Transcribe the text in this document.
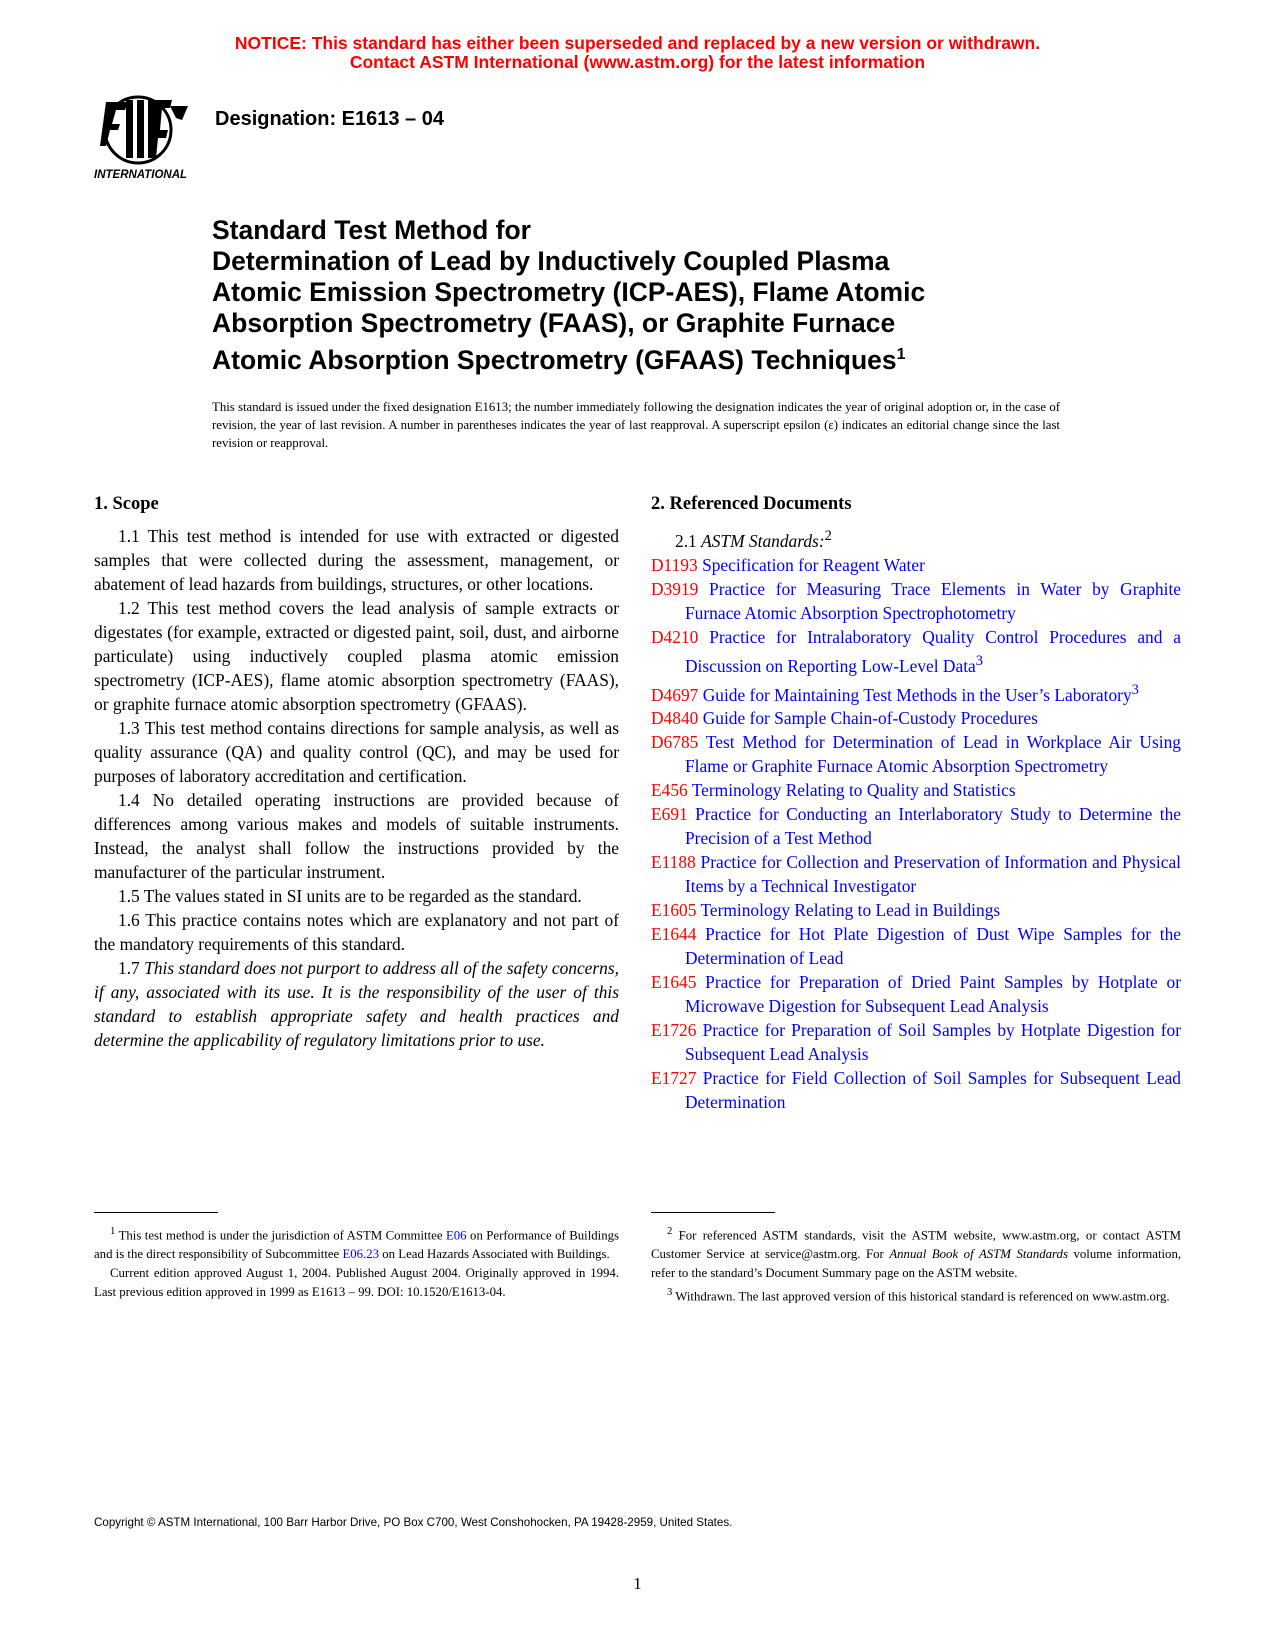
NOTICE: This standard has either been superseded and replaced by a new version or withdrawn.
Contact ASTM International (www.astm.org) for the latest information
INTERNATIONAL
Designation: E1613 – 04
Standard Test Method for
Determination of Lead by Inductively Coupled Plasma
Atomic Emission Spectrometry (ICP-AES), Flame Atomic
Absorption Spectrometry (FAAS), or Graphite Furnace
Atomic Absorption Spectrometry (GFAAS) Techniques$^1$
This standard is issued under the fixed designation E1613; the number immediately following the designation indicates the year of original adoption or, in the case of revision, the year of last revision. A number in parentheses indicates the year of last reapproval. A superscript epsilon (ε) indicates an editorial change since the last revision or reapproval.
1. Scope

1.1 This test method is intended for use with extracted or digested samples that were collected during the assessment, management, or abatement of lead hazards from buildings, structures, or other locations.

1.2 This test method covers the lead analysis of sample extracts or digestates (for example, extracted or digested paint, soil, dust, and airborne particulate) using inductively coupled plasma atomic emission spectrometry (ICP-AES), flame atomic absorption spectrometry (FAAS), or graphite furnace atomic absorption spectrometry (GFAAS).

1.3 This test method contains directions for sample analysis, as well as quality assurance (QA) and quality control (QC), and may be used for purposes of laboratory accreditation and certification.

1.4 No detailed operating instructions are provided because of differences among various makes and models of suitable instruments. Instead, the analyst shall follow the instructions provided by the manufacturer of the particular instrument.

1.5 The values stated in SI units are to be regarded as the standard.

1.6 This practice contains notes which are explanatory and not part of the mandatory requirements of this standard.

1.7 This standard does not purport to address all of the safety concerns, if any, associated with its use. It is the responsibility of the user of this standard to establish appropriate safety and health practices and determine the applicability of regulatory limitations prior to use.

2. Referenced Documents

2.1 ASTM Standards:$^2$

D1193 Specification for Reagent Water

D3919 Practice for Measuring Trace Elements in Water by Graphite Furnace Atomic Absorption Spectrophotometry

D4210 Practice for Intralaboratory Quality Control Procedures and a Discussion on Reporting Low-Level Data$^3$

D4697 Guide for Maintaining Test Methods in the User’s Laboratory$^3$

D4840 Guide for Sample Chain-of-Custody Procedures

D6785 Test Method for Determination of Lead in Workplace Air Using Flame or Graphite Furnace Atomic Absorption Spectrometry

E456 Terminology Relating to Quality and Statistics

E691 Practice for Conducting an Interlaboratory Study to Determine the Precision of a Test Method

E1188 Practice for Collection and Preservation of Information and Physical Items by a Technical Investigator

E1605 Terminology Relating to Lead in Buildings

E1644 Practice for Hot Plate Digestion of Dust Wipe Samples for the Determination of Lead

E1645 Practice for Preparation of Dried Paint Samples by Hotplate or Microwave Digestion for Subsequent Lead Analysis

E1726 Practice for Preparation of Soil Samples by Hotplate Digestion for Subsequent Lead Analysis

E1727 Practice for Field Collection of Soil Samples for Subsequent Lead Determination

$^1$ This test method is under the jurisdiction of ASTM Committee E06 on Performance of Buildings and is the direct responsibility of Subcommittee E06.23 on Lead Hazards Associated with Buildings.

Current edition approved August 1, 2004. Published August 2004. Originally approved in 1994. Last previous edition approved in 1999 as E1613 – 99. DOI: 10.1520/E1613-04.

$^2$ For referenced ASTM standards, visit the ASTM website, www.astm.org, or contact ASTM Customer Service at service@astm.org. For Annual Book of ASTM Standards volume information, refer to the standard’s Document Summary page on the ASTM website.

$^3$ Withdrawn. The last approved version of this historical standard is referenced on www.astm.org.

Copyright © ASTM International, 100 Barr Harbor Drive, PO Box C700, West Conshohocken, PA 19428-2959, United States.
1
